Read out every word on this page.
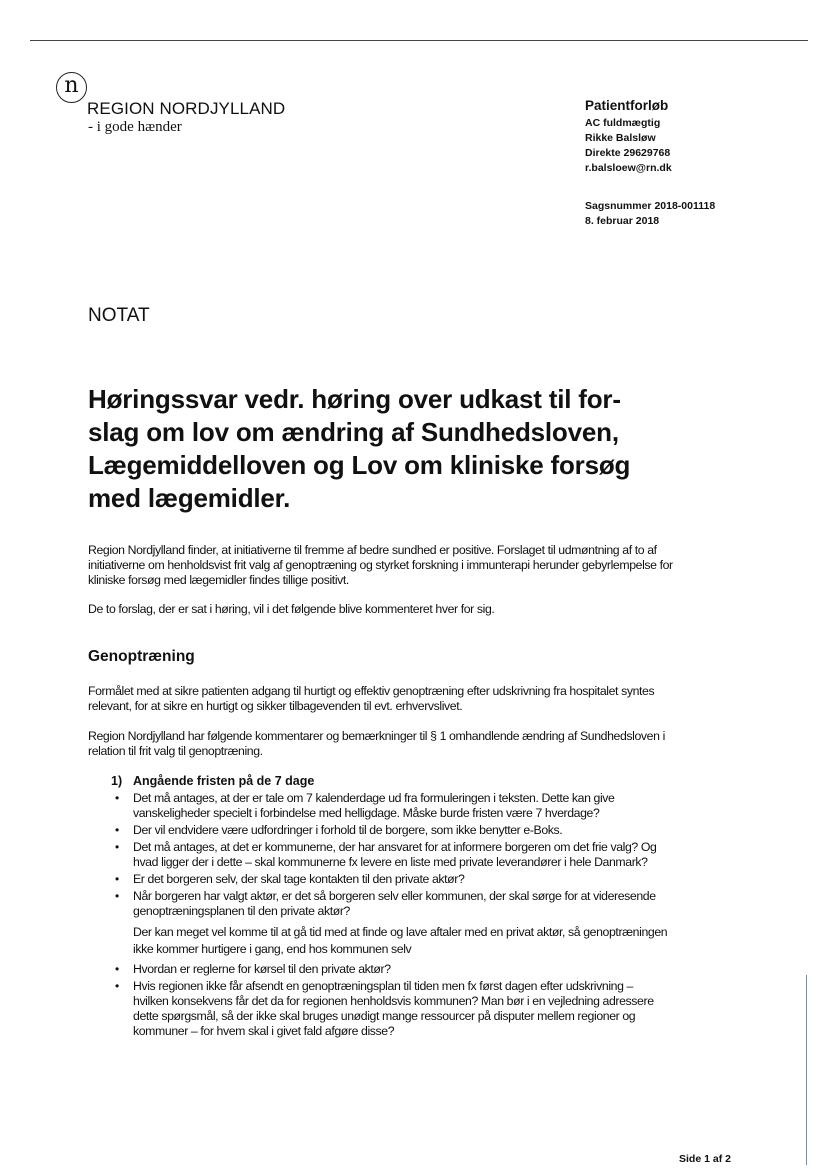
n
REGION NORDJYLLAND
- i gode hænder
Patientforløb
AC fuldmægtig
Rikke Balsløw
Direkte 29629768
r.balsloew@rn.dk
Sagsnummer 2018-001118
8. februar 2018
NOTAT
Høringssvar vedr. høring over udkast til for- slag om lov om ændring af Sundhedsloven, Lægemiddelloven og Lov om kliniske forsøg med lægemidler.

Region Nordjylland finder, at initiativerne til fremme af bedre sundhed er positive. Forslaget til udmøntning af to af initiativerne om henholdsvist frit valg af genoptræning og styrket forskning i immunterapi herunder gebyrlempelse for kliniske forsøg med lægemidler findes tillige positivt.

De to forslag, der er sat i høring, vil i det følgende blive kommenteret hver for sig.

Genoptræning

Formålet med at sikre patienten adgang til hurtigt og effektiv genoptræning efter udskrivning fra hospitalet syntes relevant, for at sikre en hurtigt og sikker tilbagevenden til evt. erhvervslivet.

Region Nordjylland har følgende kommentarer og bemærkninger til § 1 omhandlende ændring af Sundhedsloven i relation til frit valg til genoptræning.

1) Angående fristen på de 7 dage
• Det må antages, at der er tale om 7 kalenderdage ud fra formuleringen i teksten. Dette kan give vanskeligheder specielt i forbindelse med helligdage. Måske burde fristen være 7 hverdage?
• Der vil endvidere være udfordringer i forhold til de borgere, som ikke benytter e-Boks.
• Det må antages, at det er kommunerne, der har ansvaret for at informere borgeren om det frie valg? Og hvad ligger der i dette – skal kommunerne fx levere en liste med private leverandører i hele Danmark?
• Er det borgeren selv, der skal tage kontakten til den private aktør?
• Når borgeren har valgt aktør, er det så borgeren selv eller kommunen, der skal sørge for at videresende genoptræningsplanen til den private aktør?
Der kan meget vel komme til at gå tid med at finde og lave aftaler med en privat aktør, så genoptræningen ikke kommer hurtigere i gang, end hos kommunen selv
• Hvordan er reglerne for kørsel til den private aktør?
• Hvis regionen ikke får afsendt en genoptræningsplan til tiden men fx først dagen efter udskrivning – hvilken konsekvens får det da for regionen henholdsvis kommunen? Man bør i en vejledning adressere dette spørgsmål, så der ikke skal bruges unødigt mange ressourcer på disputer mellem regioner og kommuner – for hvem skal i givet fald afgøre disse?
Side 1 af 2
